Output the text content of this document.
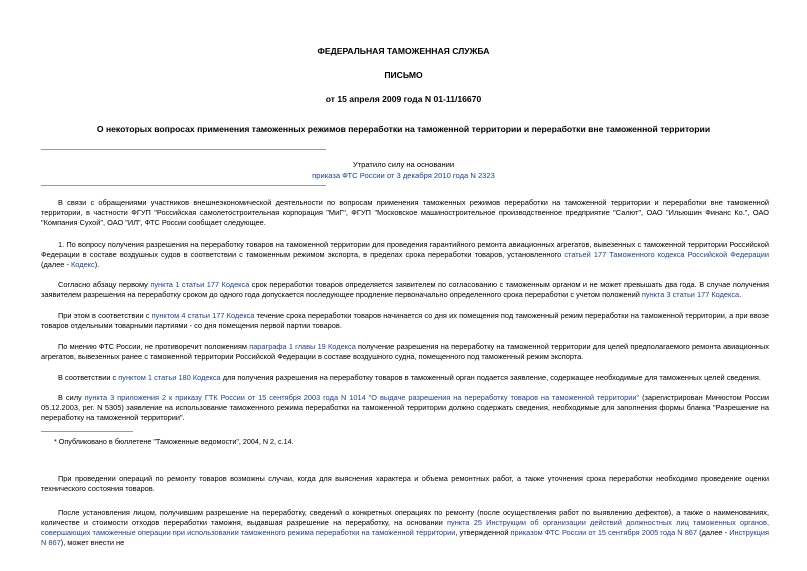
ФЕДЕРАЛЬНАЯ ТАМОЖЕННАЯ СЛУЖБА
ПИСЬМО
от 15 апреля 2009 года N 01-11/16670
О некоторых вопросах применения таможенных режимов переработки на таможенной территории и переработки вне таможенной территории
Утратило силу на основании
приказа ФТС России от 3 декабря 2010 года N 2323

В связи с обращениями участников внешнеэкономической деятельности по вопросам применения таможенных режимов переработки на таможенной территории и переработки вне таможенной территории, в частности ФГУП "Российская самолетостроительная корпорация "МиГ", ФГУП "Московское машиностроительное производственное предприятие "Салют", ОАО "Ильюшин Финанс Ко.", ОАО "Компания Сухой", ОАО "ИЛ", ФТС России сообщает следующее.

1. По вопросу получения разрешения на переработку товаров на таможенной территории для проведения гарантийного ремонта авиационных агрегатов, вывезенных с таможенной территории Российской Федерации в составе воздушных судов в соответствии с таможенным режимом экспорта, в пределах срока переработки товаров, установленного статьей 177 Таможенного кодекса Российской Федерации (далее - Кодекс).

Согласно абзацу первому пункта 1 статьи 177 Кодекса срок переработки товаров определяется заявителем по согласованию с таможенным органом и не может превышать два года. В случае получения заявителем разрешения на переработку сроком до одного года допускается последующее продление первоначально определенного срока переработки с учетом положений пункта 3 статьи 177 Кодекса.

При этом в соответствии с пунктом 4 статьи 177 Кодекса течение срока переработки товаров начинается со дня их помещения под таможенный режим переработки на таможенной территории, а при ввозе товаров отдельными товарными партиями - со дня помещения первой партии товаров.

По мнению ФТС России, не противоречит положениям параграфа 1 главы 19 Кодекса получение разрешения на переработку на таможенной территории для целей предполагаемого ремонта авиационных агрегатов, вывезенных ранее с таможенной территории Российской Федерации в составе воздушного судна, помещенного под таможенный режим экспорта.

В соответствии с пунктом 1 статьи 180 Кодекса для получения разрешения на переработку товаров в таможенный орган подается заявление, содержащее необходимые для таможенных целей сведения.

В силу пункта 3 приложения 2 к приказу ГТК России от 15 сентября 2003 года N 1014 "О выдаче разрешения на переработку товаров на таможенной территории" (зарегистрирован Минюстом России 05.12.2003, рег. N 5305) заявление на использование таможенного режима переработки на таможенной территории должно содержать сведения, необходимые для заполнения формы бланка "Разрешение на переработку на таможенной территории".

* Опубликовано в бюллетене "Таможенные ведомости", 2004, N 2, с.14.

При проведении операций по ремонту товаров возможны случаи, когда для выяснения характера и объема ремонтных работ, а также уточнения срока переработки необходимо проведение оценки технического состояния товаров.

После установления лицом, получившим разрешение на переработку, сведений о конкретных операциях по ремонту (после осуществления работ по выявлению дефектов), а также о наименованиях, количестве и стоимости отходов переработки таможня, выдавшая разрешение на переработку, на основании пункта 25 Инструкции об организации действий должностных лиц таможенных органов, совершающих таможенные операции при использовании таможенного режима переработки на таможенной территории, утвержденной приказом ФТС России от 15 сентября 2005 года N 867 (далее - Инструкция N 867), может внести не
